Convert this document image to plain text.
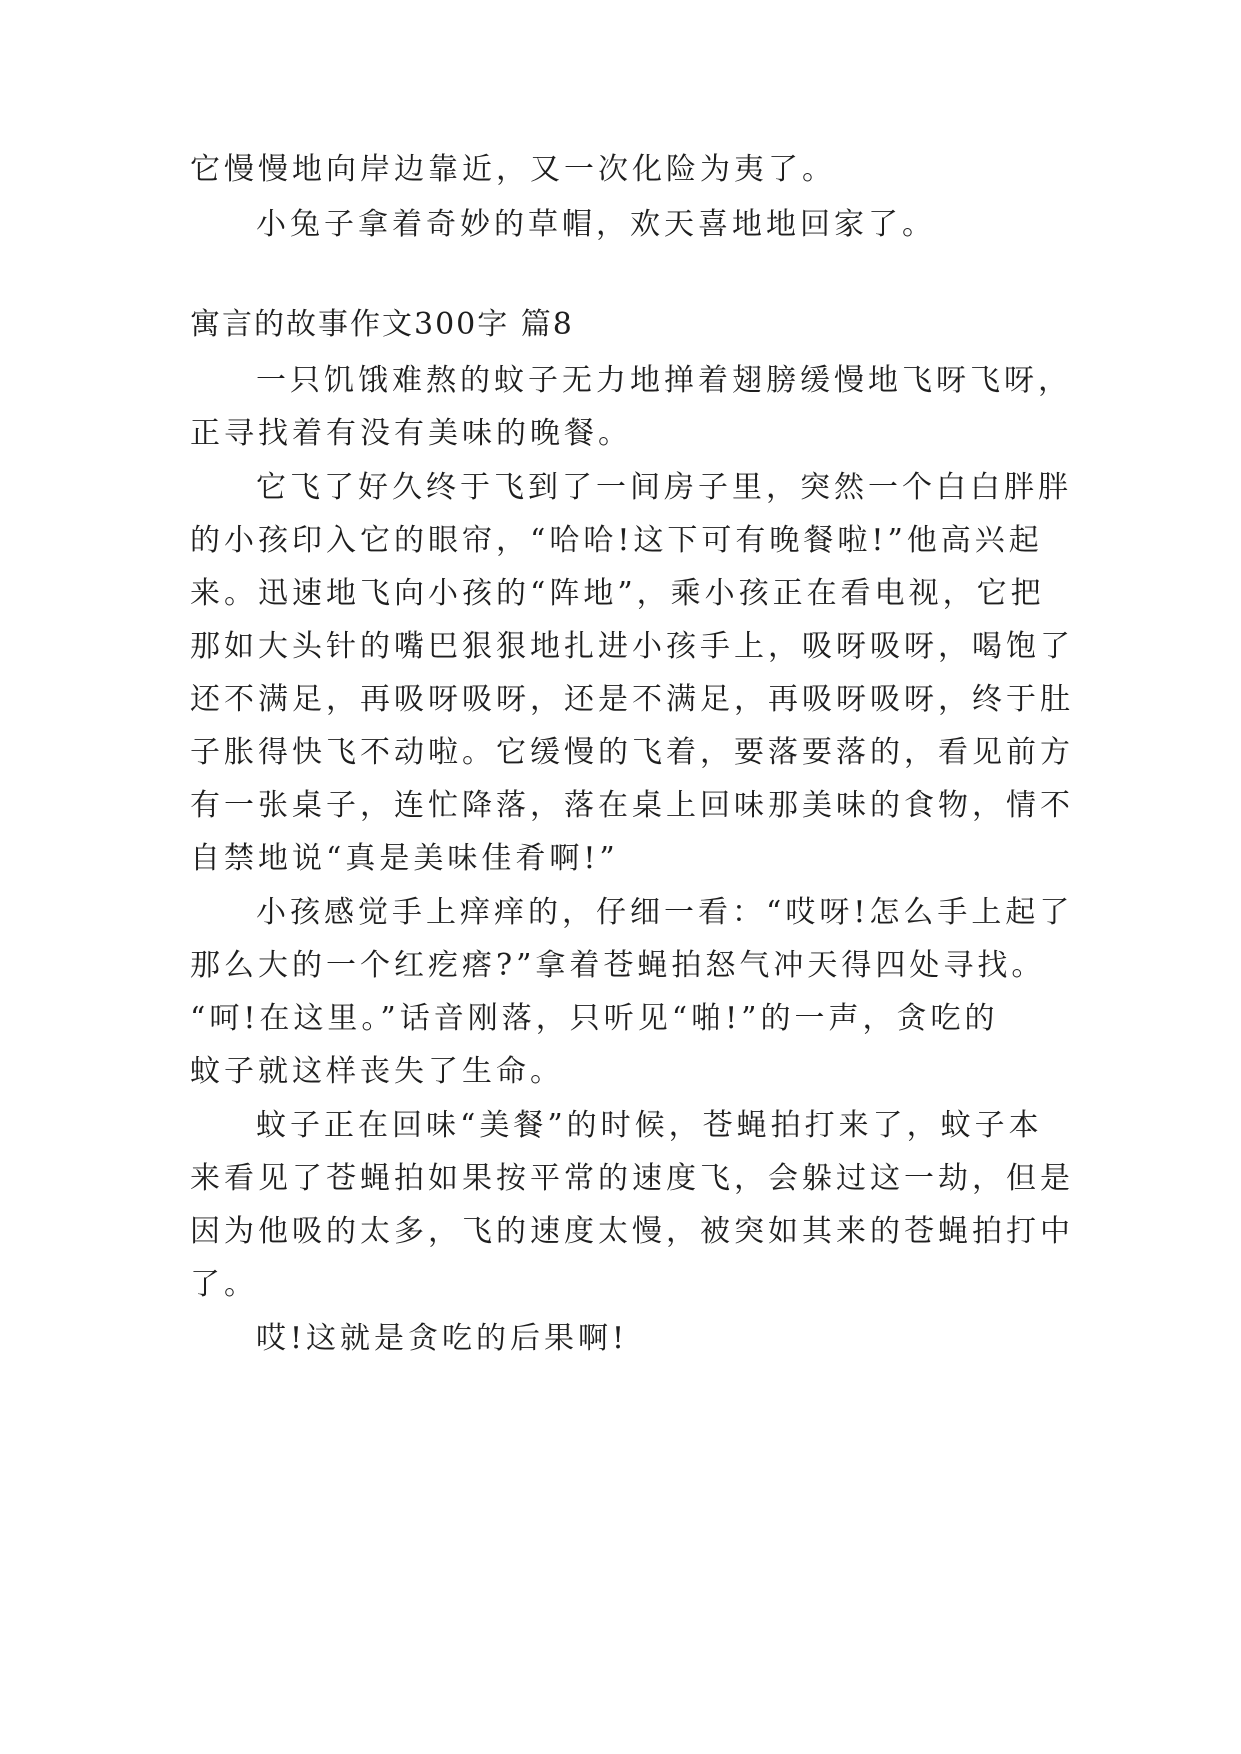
它慢慢地向岸边靠近，又一次化险为夷了。
小兔子拿着奇妙的草帽，欢天喜地地回家了。
寓言的故事作文300字 篇8
一只饥饿难熬的蚊子无力地掸着翅膀缓慢地飞呀飞呀，
正寻找着有没有美味的晚餐。
它飞了好久终于飞到了一间房子里，突然一个白白胖胖
的小孩印入它的眼帘，“哈哈!这下可有晚餐啦!”他高兴起
来。迅速地飞向小孩的“阵地”，乘小孩正在看电视，它把
那如大头针的嘴巴狠狠地扎进小孩手上，吸呀吸呀，喝饱了
还不满足，再吸呀吸呀，还是不满足，再吸呀吸呀，终于肚
子胀得快飞不动啦。它缓慢的飞着，要落要落的，看见前方
有一张桌子，连忙降落，落在桌上回味那美味的食物，情不
自禁地说“真是美味佳肴啊!”
小孩感觉手上痒痒的，仔细一看：“哎呀!怎么手上起了
那么大的一个红疙瘩?”拿着苍蝇拍怒气冲天得四处寻找。
“呵!在这里。”话音刚落，只听见“啪!”的一声，贪吃的
蚊子就这样丧失了生命。
蚊子正在回味“美餐”的时候，苍蝇拍打来了，蚊子本
来看见了苍蝇拍如果按平常的速度飞，会躲过这一劫，但是
因为他吸的太多，飞的速度太慢，被突如其来的苍蝇拍打中
了。
哎!这就是贪吃的后果啊!
